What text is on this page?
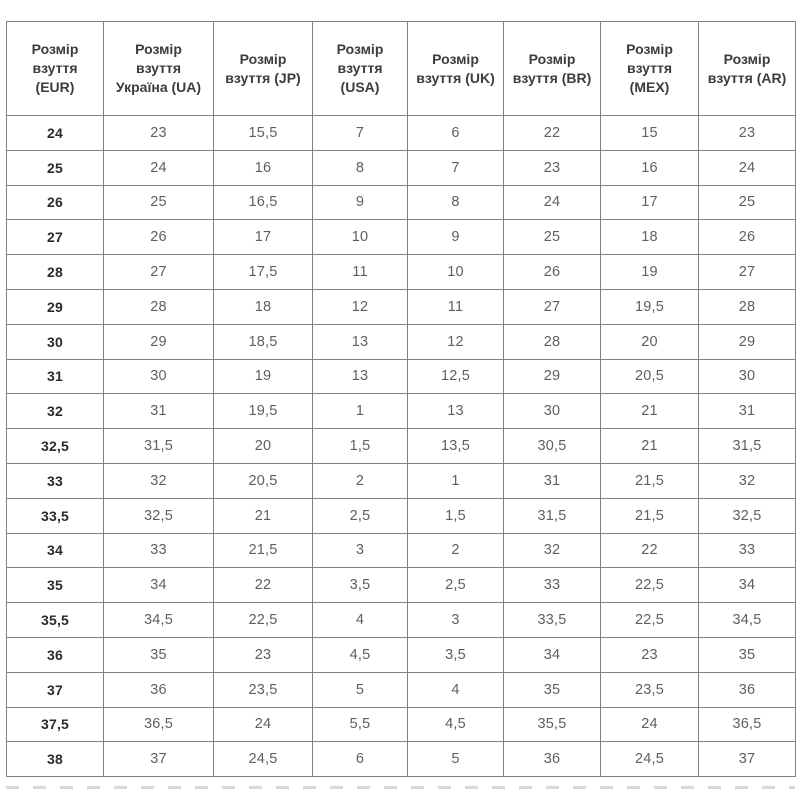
Розмір взуття (EUR)	Розмір взуття Україна (UA)	Розмір взуття (JP)	Розмір взуття (USA)	Розмір взуття (UK)	Розмір взуття (BR)	Розмір взуття (MEX)	Розмір взуття (AR)
24	23	15,5	7	6	22	15	23
25	24	16	8	7	23	16	24
26	25	16,5	9	8	24	17	25
27	26	17	10	9	25	18	26
28	27	17,5	11	10	26	19	27
29	28	18	12	11	27	19,5	28
30	29	18,5	13	12	28	20	29
31	30	19	13	12,5	29	20,5	30
32	31	19,5	1	13	30	21	31
32,5	31,5	20	1,5	13,5	30,5	21	31,5
33	32	20,5	2	1	31	21,5	32
33,5	32,5	21	2,5	1,5	31,5	21,5	32,5
34	33	21,5	3	2	32	22	33
35	34	22	3,5	2,5	33	22,5	34
35,5	34,5	22,5	4	3	33,5	22,5	34,5
36	35	23	4,5	3,5	34	23	35
37	36	23,5	5	4	35	23,5	36
37,5	36,5	24	5,5	4,5	35,5	24	36,5
38	37	24,5	6	5	36	24,5	37
